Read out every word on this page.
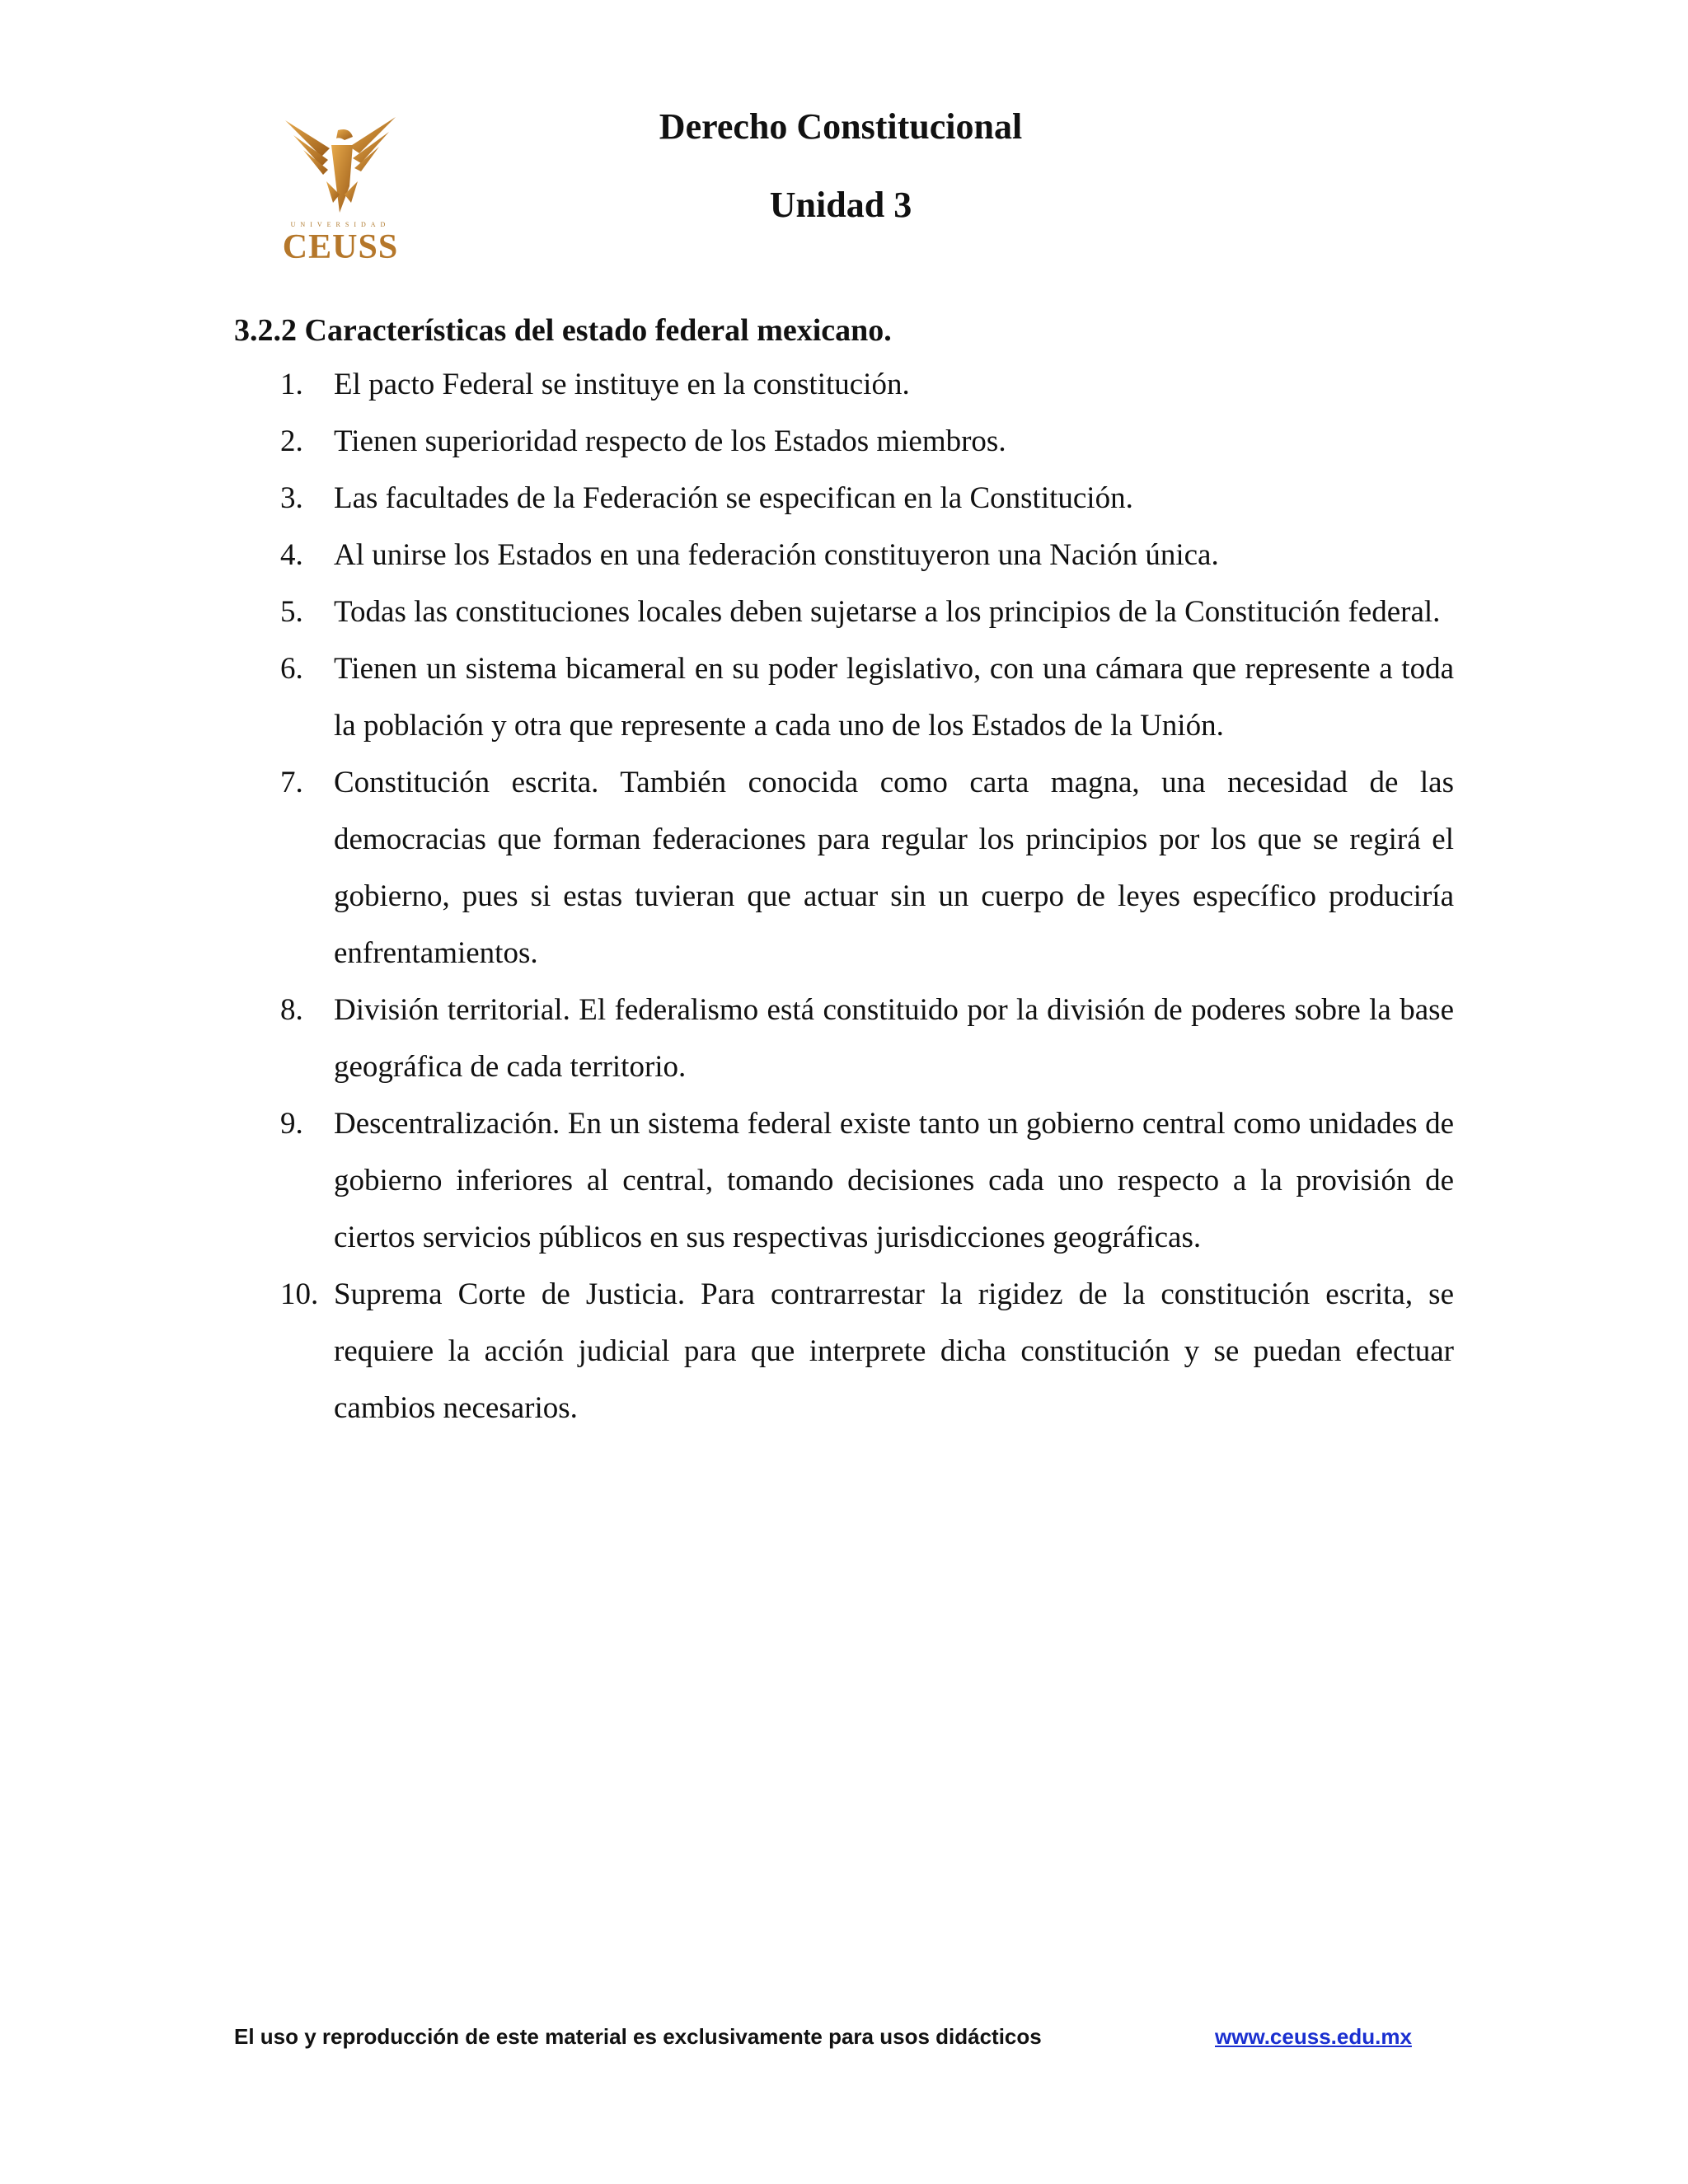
UNIVERSIDAD
CEUSS
Derecho Constitucional
Unidad 3
3.2.2 Características del estado federal mexicano.
1. El pacto Federal se instituye en la constitución.
2. Tienen superioridad respecto de los Estados miembros.
3. Las facultades de la Federación se especifican en la Constitución.
4. Al unirse los Estados en una federación constituyeron una Nación única.
5. Todas las constituciones locales deben sujetarse a los principios de la Constitución federal.
6. Tienen un sistema bicameral en su poder legislativo, con una cámara que represente a toda la población y otra que represente a cada uno de los Estados de la Unión.
7. Constitución escrita. También conocida como carta magna, una necesidad de las democracias que forman federaciones para regular los principios por los que se regirá el gobierno, pues si estas tuvieran que actuar sin un cuerpo de leyes específico produciría enfrentamientos.
8. División territorial. El federalismo está constituido por la división de poderes sobre la base geográfica de cada territorio.
9. Descentralización. En un sistema federal existe tanto un gobierno central como unidades de gobierno inferiores al central, tomando decisiones cada uno respecto a la provisión de ciertos servicios públicos en sus respectivas jurisdicciones geográficas.
10. Suprema Corte de Justicia. Para contrarrestar la rigidez de la constitución escrita, se requiere la acción judicial para que interprete dicha constitución y se puedan efectuar cambios necesarios.
El uso y reproducción de este material es exclusivamente para usos didácticos	www.ceuss.edu.mx
